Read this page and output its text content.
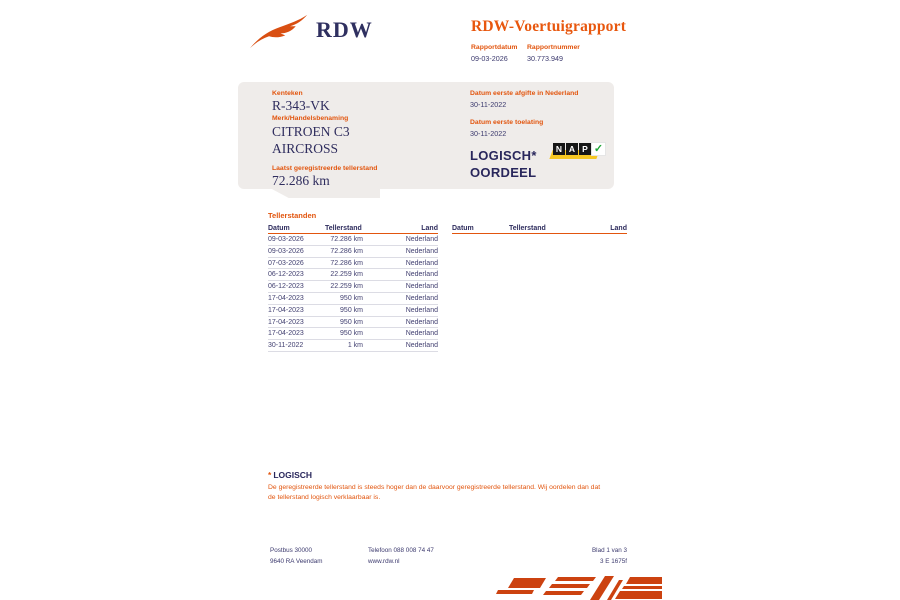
RDW	RDW-Voertuigrapport
Rapportdatum
09-03-2026
Rapportnummer
30.773.949
Kenteken
R-343-VK
Merk/Handelsbenaming
CITROEN C3
AIRCROSS
Laatst geregistreerde tellerstand
72.286 km
Datum eerste afgifte in Nederland
30-11-2022
Datum eerste toelating
30-11-2022
LOGISCH*
OORDEEL
N A P ✓
Tellerstanden
Datum	Tellerstand	Land
09-03-2026	72.286 km	Nederland
09-03-2026	72.286 km	Nederland
07-03-2026	72.286 km	Nederland
06-12-2023	22.259 km	Nederland
06-12-2023	22.259 km	Nederland
17-04-2023	950 km	Nederland
17-04-2023	950 km	Nederland
17-04-2023	950 km	Nederland
17-04-2023	950 km	Nederland
30-11-2022	1 km	Nederland
Datum	Tellerstand	Land
* LOGISCH
De geregistreerde tellerstand is steeds hoger dan de daarvoor geregistreerde tellerstand. Wij oordelen dan dat de tellerstand logisch verklaarbaar is.
Postbus 30000
9640 RA Veendam
Telefoon 088 008 74 47
www.rdw.nl
Blad 1 van 3
3 E 1675f
